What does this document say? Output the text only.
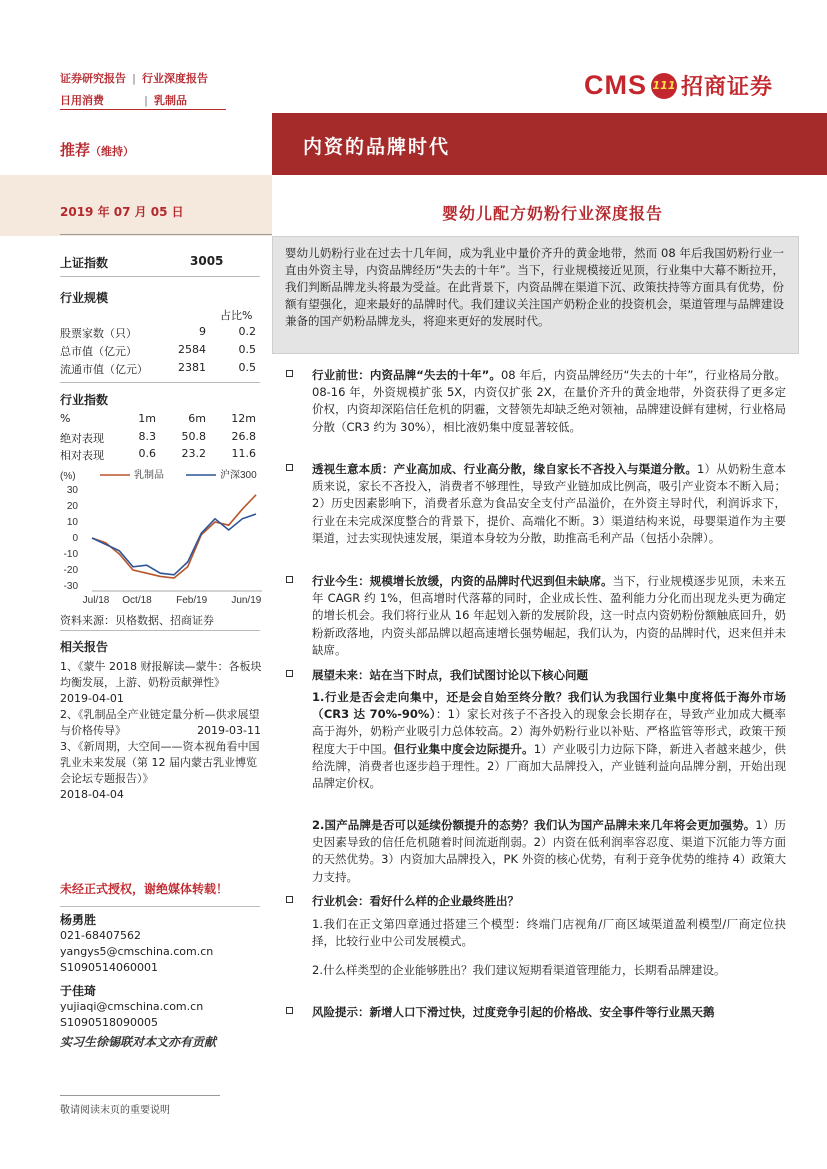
证券研究报告 | 行业深度报告
日用消费	| 乳制品
CMS 111 招商证券
推荐（维持）	内资的品牌时代
2019 年 07 月 05 日	婴幼儿配方奶粉行业深度报告
上证指数	3005
行业规模
占比%
股票家数（只）	9	0.2
总市值（亿元）	2584	0.5
流通市值（亿元）	2381	0.5
行业指数
%	1m	6m 12m
绝对表现	8.3 50.8 26.8
相对表现	0.6 23.2 11.6
(%)	乳制品	沪深300
30
20
10
0
-10
-20
-30
Jul/18 Oct/18 Feb/19 Jun/19
资料来源：贝格数据、招商证券
相关报告
1、《蒙牛 2018 财报解读—蒙牛：各板块均衡发展，上游、奶粉贡献弹性》
2019-04-01
2、《乳制品全产业链定量分析—供求展望与价格传导》	2019-03-11
3、《新周期，大空间——资本视角看中国乳业未来发展（第 12 届内蒙古乳业博览会论坛专题报告）》
2018-04-04
未经正式授权，谢绝媒体转载！
杨勇胜
021-68407562
yangys5@cmschina.com.cn
S1090514060001
于佳琦
yujiaqi@cmschina.com.cn
S1090518090005
实习生徐锡联对本文亦有贡献
婴幼儿奶粉行业在过去十几年间，成为乳业中量价齐升的黄金地带，然而 08 年后我国奶粉行业一直由外资主导，内资品牌经历“失去的十年”。当下，行业规模接近见顶，行业集中大幕不断拉开，我们判断品牌龙头将最为受益。在此背景下，内资品牌在渠道下沉、政策扶持等方面具有优势，份额有望强化，迎来最好的品牌时代。我们建议关注国产奶粉企业的投资机会，渠道管理与品牌建设兼备的国产奶粉品牌龙头，将迎来更好的发展时代。
行业前世：内资品牌“失去的十年”。08 年后，内资品牌经历“失去的十年”，行业格局分散。08-16 年，外资规模扩张 5X，内资仅扩张 2X，在量价齐升的黄金地带，外资获得了更多定价权，内资却深陷信任危机的阴霾，文替领先却缺乏绝对领袖，品牌建设鲜有建树，行业格局分散（CR3 约为 30%），相比液奶集中度显著较低。
透视生意本质：产业高加成、行业高分散，缘自家长不吝投入与渠道分散。1）从奶粉生意本质来说，家长不吝投入，消费者不够理性，导致产业链加成比例高，吸引产业资本不断入局；2）历史因素影响下，消费者乐意为食品安全支付产品溢价，在外资主导时代，利润诉求下，行业在未完成深度整合的背景下，提价、高端化不断。3）渠道结构来说，母婴渠道作为主要渠道，过去实现快速发展，渠道本身较为分散，助推高毛利产品（包括小杂牌）。
行业今生：规模增长放缓，内资的品牌时代迟到但未缺席。当下，行业规模逐步见顶，未来五年 CAGR 约 1%，但高增时代落幕的同时，企业成长性、盈利能力分化而出现龙头更为确定的增长机会。我们将行业从 16 年起划入新的发展阶段，这一时点内资奶粉份额触底回升，奶粉新政落地，内资头部品牌以超高速增长强势崛起，我们认为，内资的品牌时代，迟来但并未缺席。
展望未来：站在当下时点，我们试图讨论以下核心问题
1.行业是否会走向集中，还是会自始至终分散？我们认为我国行业集中度将低于海外市场（CR3 达 70%-90%）：1）家长对孩子不吝投入的现象会长期存在，导致产业加成大概率高于海外，奶粉产业吸引力总体较高。2）海外奶粉行业以补贴、严格监管等形式，政策干预程度大于中国。但行业集中度会边际提升。1）产业吸引力边际下降，新进入者越来越少，供给洗牌，消费者也逐步趋于理性。2）厂商加大品牌投入，产业链利益向品牌分割，开始出现品牌定价权。
2.国产品牌是否可以延续份额提升的态势？我们认为国产品牌未来几年将会更加强势。1）历史因素导致的信任危机随着时间流逝削弱。2）内资在低利润率容忍度、渠道下沉能力等方面的天然优势。3）内资加大品牌投入，PK 外资的核心优势，有利于竞争优势的维持 4）政策大力支持。
行业机会：看好什么样的企业最终胜出？
1.我们在正文第四章通过搭建三个模型：终端门店视角/厂商区域渠道盈利模型/厂商定位抉择，比较行业中公司发展模式。
2.什么样类型的企业能够胜出？我们建议短期看渠道管理能力，长期看品牌建设。
风险提示：新增人口下滑过快，过度竞争引起的价格战、安全事件等行业黑天鹅
敬请阅读末页的重要说明
